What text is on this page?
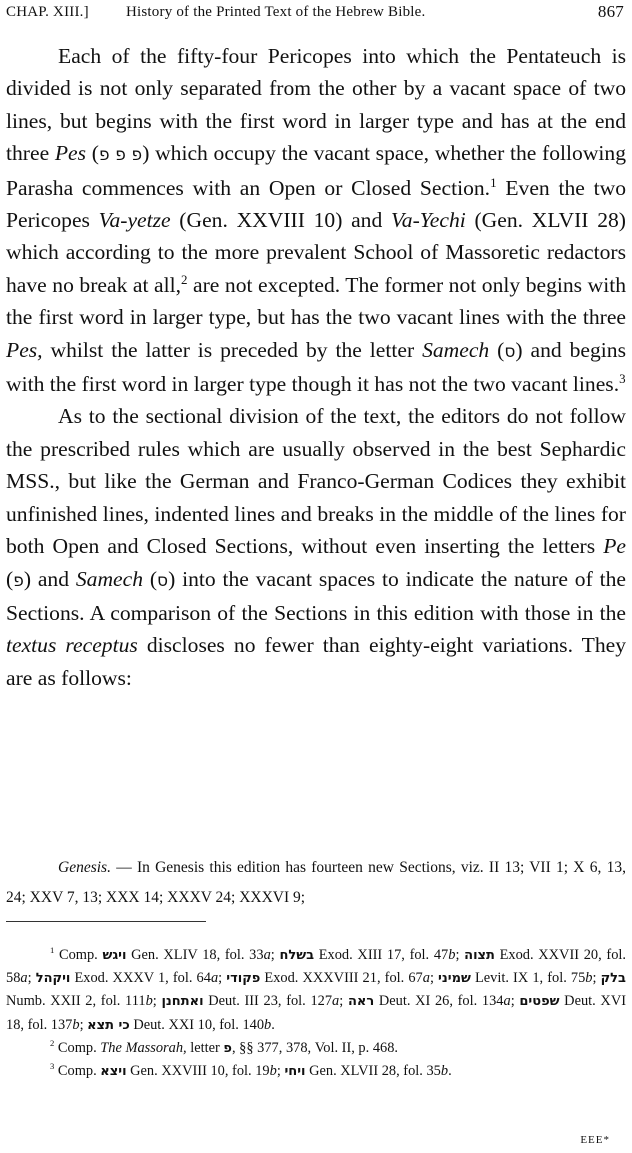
CHAP. XIII.] History of the Printed Text of the Hebrew Bible.	867

Each of the fifty-four Pericopes into which the Pentateuch is divided is not only separated from the other by a vacant space of two lines, but begins with the first word in larger type and has at the end three Pes (פ פ פ) which occupy the vacant space, whether the following Parasha commences with an Open or Closed Section.$^1$ Even the two Pericopes Va-yetze (Gen. XXVIII 10) and Va-Yechi (Gen. XLVII 28) which according to the more prevalent School of Massoretic redactors have no break at all,$^2$ are not excepted. The former not only begins with the first word in larger type, but has the two vacant lines with the three Pes, whilst the latter is preceded by the letter Samech (ס) and begins with the first word in larger type though it has not the two vacant lines.$^3$

As to the sectional division of the text, the editors do not follow the prescribed rules which are usually observed in the best Sephardic MSS., but like the German and Franco-German Codices they exhibit unfinished lines, indented lines and breaks in the middle of the lines for both Open and Closed Sections, without even inserting the letters Pe (פ) and Samech (ס) into the vacant spaces to indicate the nature of the Sections. A comparison of the Sections in this edition with those in the textus receptus discloses no fewer than eighty-eight variations. They are as follows:

Genesis. — In Genesis this edition has fourteen new Sections, viz. II 13; VII 1; X 6, 13, 24; XXV 7, 13; XXX 14; XXXV 24; XXXVI 9;

$^1$ Comp. ויגש Gen. XLIV 18, fol. 33a; בשלח Exod. XIII 17, fol. 47b; תצוה Exod. XXVII 20, fol. 58a; ויקהל Exod. XXXV 1, fol. 64a; פקודי Exod. XXXVIII 21, fol. 67a; שמיני Levit. IX 1, fol. 75b; בלק Numb. XXII 2, fol. 111b; ואתחנן Deut. III 23, fol. 127a; ראה Deut. XI 26, fol. 134a; שפטים Deut. XVI 18, fol. 137b; כי תצא Deut. XXI 10, fol. 140b.

$^2$ Comp. The Massorah, letter פ, §§ 377, 378, Vol. II, p. 468.

$^3$ Comp. ויצא Gen. XXVIII 10, fol. 19b; ויחי Gen. XLVII 28, fol. 35b.

EEE*
